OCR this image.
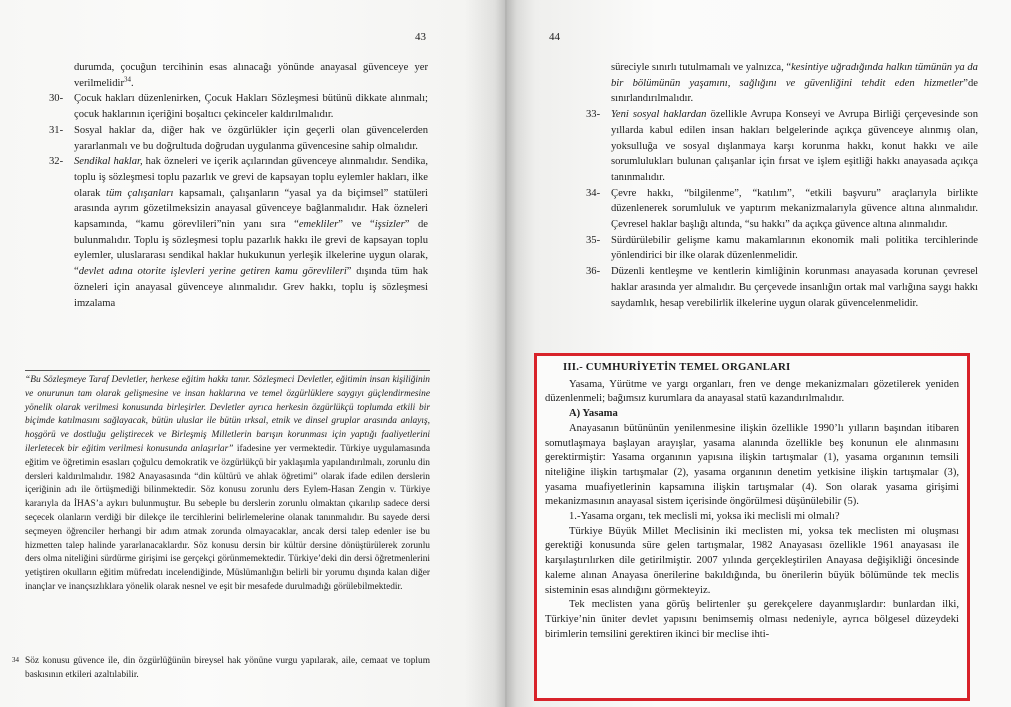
43
durumda, çocuğun tercihinin esas alınacağı yönünde anayasal güvenceye yer verilmelidir$^{34}$.
30-	Çocuk hakları düzenlenirken, Çocuk Hakları Sözleşmesi bütünü dikkate alınmalı; çocuk haklarının içeriğini boşaltıcı çekinceler kaldırılmalıdır.
31-	Sosyal haklar da, diğer hak ve özgürlükler için geçerli olan güvencelerden yararlanmalı ve bu doğrultuda doğrudan uygulanma güvencesine sahip olmalıdır.
32-	Sendikal haklar, hak özneleri ve içerik açılarından güvenceye alınmalıdır. Sendika, toplu iş sözleşmesi toplu pazarlık ve grevi de kapsayan toplu eylemler hakları, ilke olarak tüm çalışanları kapsamalı, çalışanların “yasal ya da biçimsel” statüleri arasında ayrım gözetilmeksizin anayasal güvenceye bağlanmalıdır. Hak özneleri kapsamında, “kamu görevlileri”nin yanı sıra “emekliler” ve “işsizler” de bulunmalıdır. Toplu iş sözleşmesi toplu pazarlık hakkı ile grevi de kapsayan toplu eylemler, uluslararası sendikal haklar hukukunun yerleşik ilkelerine uygun olarak, “devlet adına otorite işlevleri yerine getiren kamu görevlileri” dışında tüm hak özneleri için anayasal güvenceye alınmalıdır. Grev hakkı, toplu iş sözleşmesi imzalama
“Bu Sözleşmeye Taraf Devletler, herkese eğitim hakkı tanır. Sözleşmeci Devletler, eğitimin insan kişiliğinin ve onurunun tam olarak gelişmesine ve insan haklarına ve temel özgürlüklere saygıyı güçlendirmesine yönelik olarak verilmesi konusunda birleşirler. Devletler ayrıca herkesin özgürlükçü toplumda etkili bir biçimde katılmasını sağlayacak, bütün uluslar ile bütün ırksal, etnik ve dinsel gruplar arasında anlayış, hoşgörü ve dostluğu geliştirecek ve Birleşmiş Milletlerin barışın korunması için yaptığı faaliyetlerini ilerletecek bir eğitim verilmesi konusunda anlaşırlar” ifadesine yer vermektedir. Türkiye uygulamasında eğitim ve öğretimin esasları çoğulcu demokratik ve özgürlükçü bir yaklaşımla yapılandırılmalı, zorunlu din dersleri kaldırılmalıdır. 1982 Anayasasında “din kültürü ve ahlak öğretimi” olarak ifade edilen derslerin içeriğinin adı ile örtüşmediği bilinmektedir. Söz konusu zorunlu ders Eylem-Hasan Zengin v. Türkiye kararıyla da İHAS’a aykırı bulunmuştur. Bu sebeple bu derslerin zorunlu olmaktan çıkarılıp sadece dersi seçecek olanların verdiği bir dilekçe ile tercihlerini belirlemelerine olanak tanınmalıdır. Bu sayede dersi seçmeyen öğrenciler herhangi bir adım atmak zorunda olmayacaklar, ancak dersi talep edenler ise bu hizmetten talep halinde yararlanacaklardır. Söz konusu dersin bir kültür dersine dönüştürülerek zorunlu ders olma niteliğini sürdürme girişimi ise gerçekçi görünmemektedir. Türkiye’deki din dersi öğretmenlerini yetiştiren okulların eğitim müfredatı incelendiğinde, Müslümanlığın belirli bir yorumu dışında kalan diğer inançlar ve inançsızlıklara yönelik olarak nesnel ve eşit bir mesafede durulmadığı görülebilmektedir.
34 Söz konusu güvence ile, din özgürlüğünün bireysel hak yönüne vurgu yapılarak, aile, cemaat ve toplum baskısının etkileri azaltılabilir.
44
süreciyle sınırlı tutulmamalı ve yalnızca, “kesintiye uğradığında halkın tümünün ya da bir bölümünün yaşamını, sağlığını ve güvenliğini tehdit eden hizmetler”de sınırlandırılmalıdır.
33-	Yeni sosyal haklardan özellikle Avrupa Konseyi ve Avrupa Birliği çerçevesinde son yıllarda kabul edilen insan hakları belgelerinde açıkça güvenceye alınmış olan, yoksulluğa ve sosyal dışlanmaya karşı korunma hakkı, konut hakkı ve aile sorumlulukları bulunan çalışanlar için fırsat ve işlem eşitliği hakkı anayasada açıkça tanınmalıdır.
34-	Çevre hakkı, “bilgilenme”, “katılım”, “etkili başvuru” araçlarıyla birlikte düzenlenerek sorumluluk ve yaptırım mekanizmalarıyla güvence altına alınmalıdır. Çevresel haklar başlığı altında, “su hakkı” da açıkça güvence altına alınmalıdır.
35-	Sürdürülebilir gelişme kamu makamlarının ekonomik mali politika tercihlerinde yönlendirici bir ilke olarak düzenlenmelidir.
36-	Düzenli kentleşme ve kentlerin kimliğinin korunması anayasada korunan çevresel haklar arasında yer almalıdır. Bu çerçevede insanlığın ortak mal varlığına saygı hakkı saydamlık, hesap verebilirlik ilkelerine uygun olarak güvencelenmelidir.
III.- CUMHURİYETİN TEMEL ORGANLARI

Yasama, Yürütme ve yargı organları, fren ve denge mekanizmaları gözetilerek yeniden düzenlenmeli; bağımsız kurumlara da anayasal statü kazandırılmalıdır.

A) Yasama

Anayasanın bütününün yenilenmesine ilişkin özellikle 1990’lı yılların başından itibaren somutlaşmaya başlayan arayışlar, yasama alanında özellikle beş konunun ele alınmasını gerektirmiştir: Yasama organının yapısına ilişkin tartışmalar (1), yasama organının temsili niteliğine ilişkin tartışmalar (2), yasama organının denetim yetkisine ilişkin tartışmalar (3), yasama muafiyetlerinin kapsamına ilişkin tartışmalar (4). Son olarak yasama girişimi mekanizmasının anayasal sistem içerisinde öngörülmesi düşünülebilir (5).

1.-Yasama organı, tek meclisli mi, yoksa iki meclisli mi olmalı?

Türkiye Büyük Millet Meclisinin iki meclisten mi, yoksa tek meclisten mi oluşması gerektiği konusunda süre gelen tartışmalar, 1982 Anayasası özellikle 1961 anayasası ile karşılaştırılırken dile getirilmiştir. 2007 yılında gerçekleştirilen Anayasa değişikliği öncesinde kaleme alınan Anayasa önerilerine bakıldığında, bu önerilerin büyük bölümünde tek meclis sisteminin esas alındığını görmekteyiz.

Tek meclisten yana görüş belirtenler şu gerekçelere dayanmışlardır: bunlardan ilki, Türkiye’nin üniter devlet yapısını benimsemiş olması nedeniyle, ayrıca bölgesel düzeydeki birimlerin temsilini gerektiren ikinci bir meclise ihti-
